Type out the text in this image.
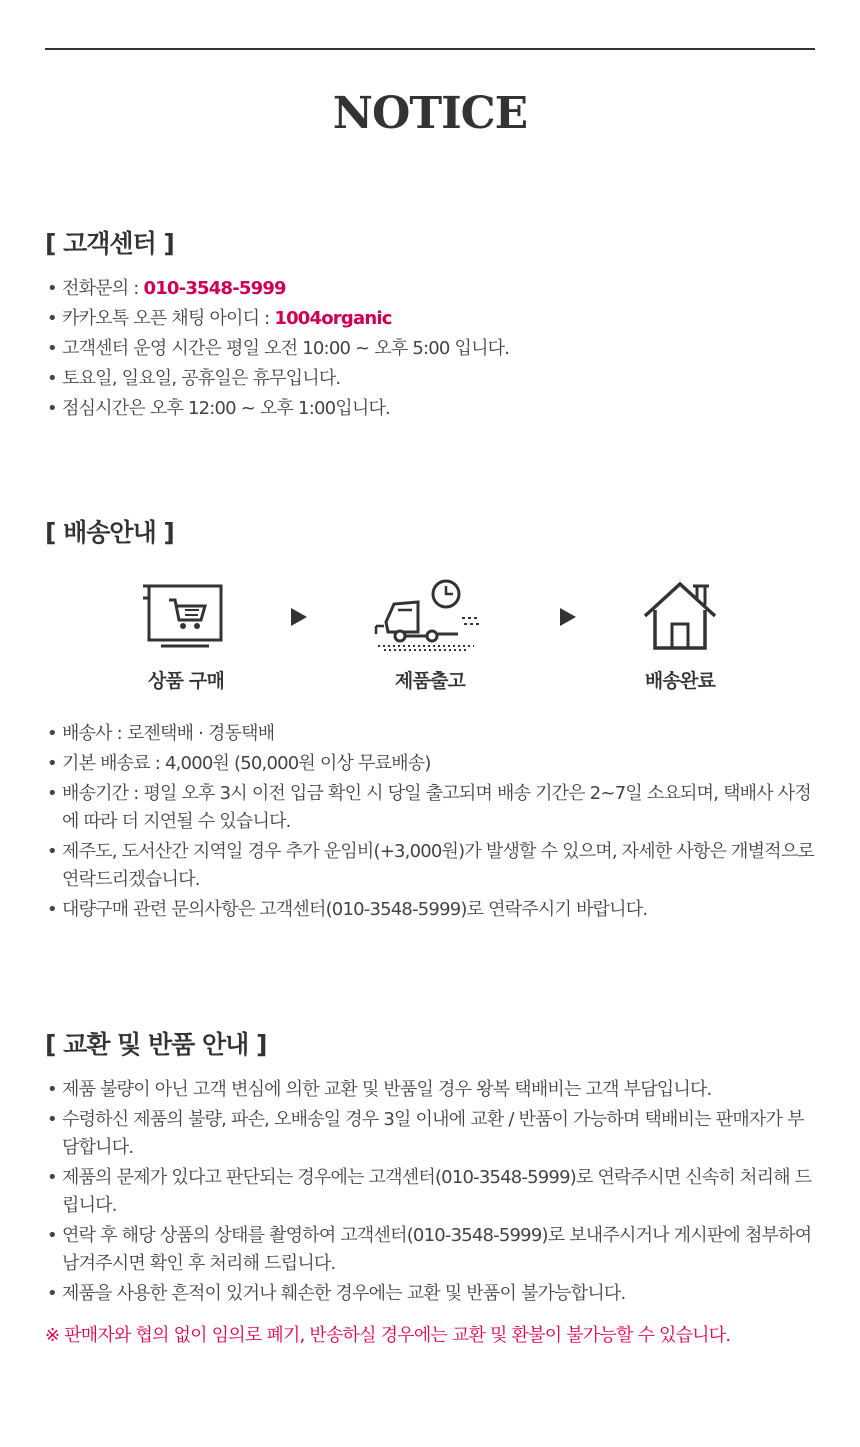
NOTICE
[ 고객센터 ]
• 전화문의 : 010-3548-5999
• 카카오톡 오픈 채팅 아이디 : 1004organic
• 고객센터 운영 시간은 평일 오전 10:00 ~ 오후 5:00 입니다.
• 토요일, 일요일, 공휴일은 휴무입니다.
• 점심시간은 오후 12:00 ~ 오후 1:00입니다.
[ 배송안내 ]
상품 구매	제품출고	배송완료
• 배송사 : 로젠택배 · 경동택배
• 기본 배송료 : 4,000원 (50,000원 이상 무료배송)
• 배송기간 : 평일 오후 3시 이전 입금 확인 시 당일 출고되며 배송 기간은 2~7일 소요되며, 택배사 사정에 따라 더 지연될 수 있습니다.
• 제주도, 도서산간 지역일 경우 추가 운임비(+3,000원)가 발생할 수 있으며, 자세한 사항은 개별적으로 연락드리겠습니다.
• 대량구매 관련 문의사항은 고객센터(010-3548-5999)로 연락주시기 바랍니다.
[ 교환 및 반품 안내 ]
• 제품 불량이 아닌 고객 변심에 의한 교환 및 반품일 경우 왕복 택배비는 고객 부담입니다.
• 수령하신 제품의 불량, 파손, 오배송일 경우 3일 이내에 교환 / 반품이 가능하며 택배비는 판매자가 부담합니다.
• 제품의 문제가 있다고 판단되는 경우에는 고객센터(010-3548-5999)로 연락주시면 신속히 처리해 드립니다.
• 연락 후 해당 상품의 상태를 촬영하여 고객센터(010-3548-5999)로 보내주시거나 게시판에 첨부하여 남겨주시면 확인 후 처리해 드립니다.
• 제품을 사용한 흔적이 있거나 훼손한 경우에는 교환 및 반품이 불가능합니다.
※ 판매자와 협의 없이 임의로 폐기, 반송하실 경우에는 교환 및 환불이 불가능할 수 있습니다.
